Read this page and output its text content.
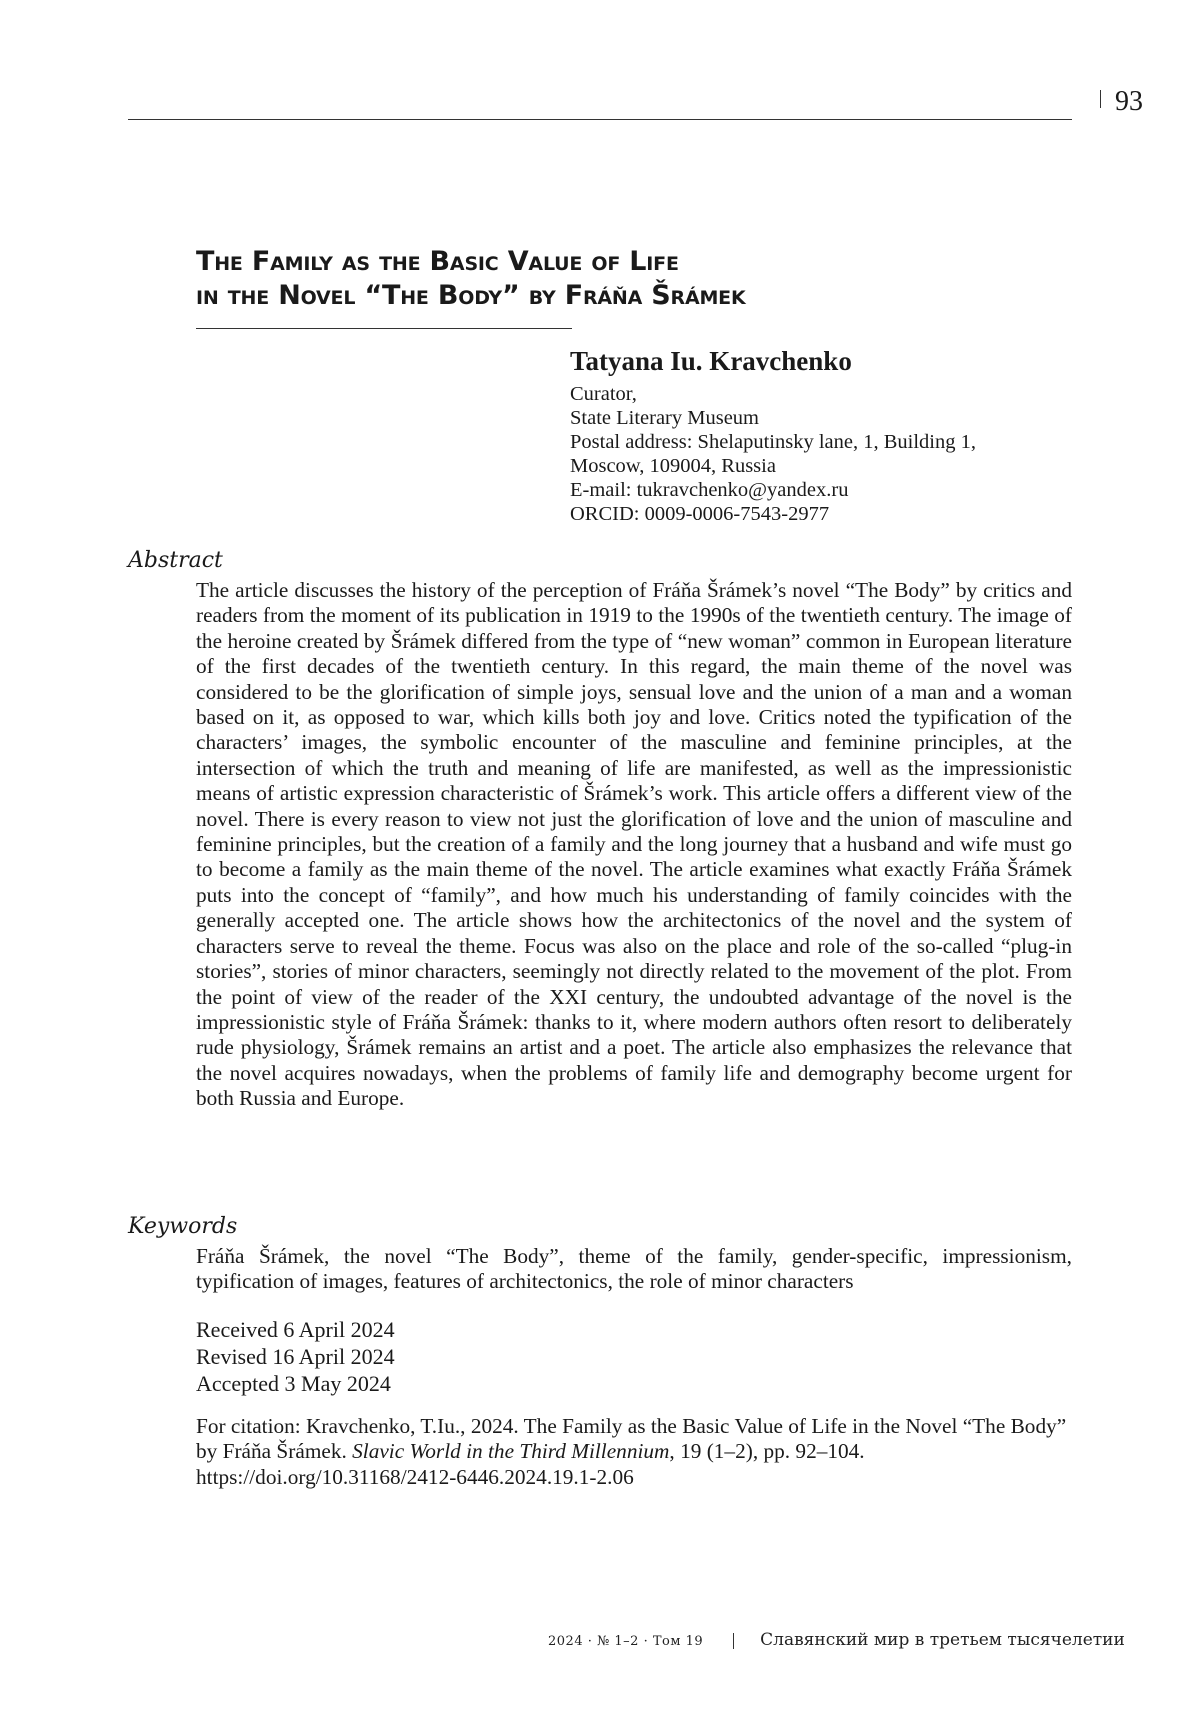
93
The Family as the Basic Value of Life
in the Novel “The Body” by Fráňa Šrámek
Tatyana Iu. Kravchenko
Curator,
State Literary Museum
Postal address: Shelaputinsky lane, 1, Building 1,
Moscow, 109004, Russia
E-mail: tukravchenko@yandex.ru
ORCID: 0009-0006-7543-2977
Abstract

The article discusses the history of the perception of Fráňa Šrámek’s novel “The Body” by critics and readers from the moment of its publication in 1919 to the 1990s of the twentieth century. The image of the heroine created by Šrámek differed from the type of “new woman” common in European literature of the first decades of the twentieth century. In this regard, the main theme of the novel was considered to be the glorification of simple joys, sensual love and the union of a man and a woman based on it, as opposed to war, which kills both joy and love. Critics noted the typification of the characters’ images, the symbolic encounter of the masculine and feminine principles, at the intersection of which the truth and meaning of life are manifested, as well as the impressionistic means of artistic expression characteristic of Šrámek’s work. This article offers a different view of the novel. There is every reason to view not just the glorification of love and the union of masculine and feminine principles, but the creation of a family and the long journey that a husband and wife must go to become a family as the main theme of the novel. The article examines what exactly Fráňa Šrámek puts into the concept of “family”, and how much his understanding of family coincides with the generally accepted one. The article shows how the architectonics of the novel and the system of characters serve to reveal the theme. Focus was also on the place and role of the so-called “plug-in stories”, stories of minor characters, seemingly not directly related to the movement of the plot. From the point of view of the reader of the XXI century, the undoubted advantage of the novel is the impressionistic style of Fráňa Šrámek: thanks to it, where modern authors often resort to deliberately rude physiology, Šrámek remains an artist and a poet. The article also emphasizes the relevance that the novel acquires nowadays, when the problems of family life and demography become urgent for both Russia and Europe.

Keywords

Fráňa Šrámek, the novel “The Body”, theme of the family, gender-specific, impressionism, typification of images, features of architectonics, the role of minor characters

Received 6 April 2024
Revised 16 April 2024
Accepted 3 May 2024

For citation: Kravchenko, T.Iu., 2024. The Family as the Basic Value of Life in the Novel “The Body” by Fráňa Šrámek. Slavic World in the Third Millennium, 19 (1–2), pp. 92–104.
https://doi.org/10.31168/2412-6446.2024.19.1-2.06

2024 · № 1–2 · Том 19	Славянский мир в третьем тысячелетии
